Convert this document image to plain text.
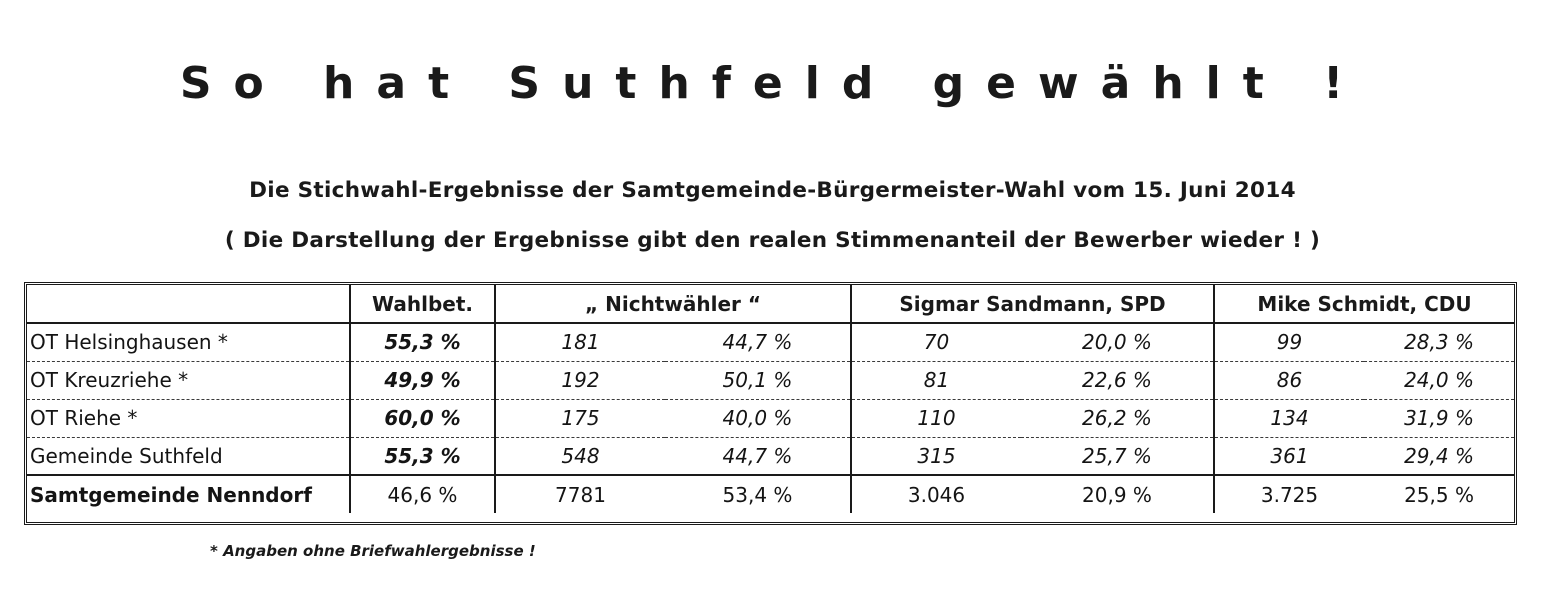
So hat Suthfeld gewählt !
Die Stichwahl-Ergebnisse der Samtgemeinde-Bürgermeister-Wahl vom 15. Juni 2014
( Die Darstellung der Ergebnisse gibt den realen Stimmenanteil der Bewerber wieder ! )
	Wahlbet.	„ Nichtwähler “		Sigmar Sandmann, SPD		Mike Schmidt, CDU	
OT Helsinghausen *	55,3 %	181	44,7 %	70	20,0 %	99	28,3 %
OT Kreuzriehe *	49,9 %	192	50,1 %	81	22,6 %	86	24,0 %
OT Riehe *	60,0 %	175	40,0 %	110	26,2 %	134	31,9 %
Gemeinde Suthfeld	55,3 %	548	44,7 %	315	25,7 %	361	29,4 %
Samtgemeinde Nenndorf	46,6 %	7781	53,4 %	3.046	20,9 %	3.725	25,5 %
* Angaben ohne Briefwahlergebnisse !
